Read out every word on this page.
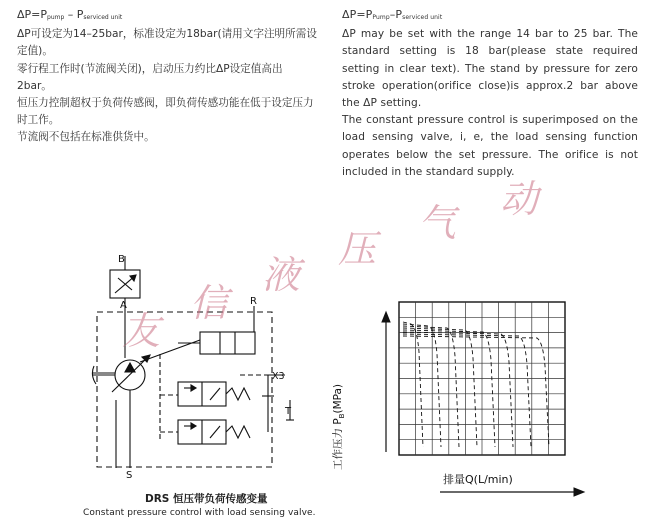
$\Delta P=P_{pump} - P_{serviced unit}$

ΔP可设定为14–25bar，标准设定为18bar(请用文字注明所需设定值)。

零行程工作时(节流阀关闭)，启动压力约比ΔP设定值高出2bar。

恒压力控制超权于负荷传感阀，即负荷传感功能在低于设定压力时工作。

节流阀不包括在标准供货中。

$\Delta P=P_{Pump}-P_{serviced unit}$

ΔP may be set with the range 14 bar to 25 bar. The standard setting is 18 bar(please state required setting in clear text). The stand by pressure for zero stroke operation(orifice close)is approx.2 bar above the ΔP setting.

The constant pressure control is superimposed on the load sensing valve, i, e, the load sensing function operates below the set pressure. The orifice is not included in the standard supply.

B
A	R
X3
T
S
DRS 恒压带负荷传感变量
Constant pressure control with load sensing valve.
工作压力 $P_B(MPa)$
排量Q(L/min)
友
信
液
压
气
动
